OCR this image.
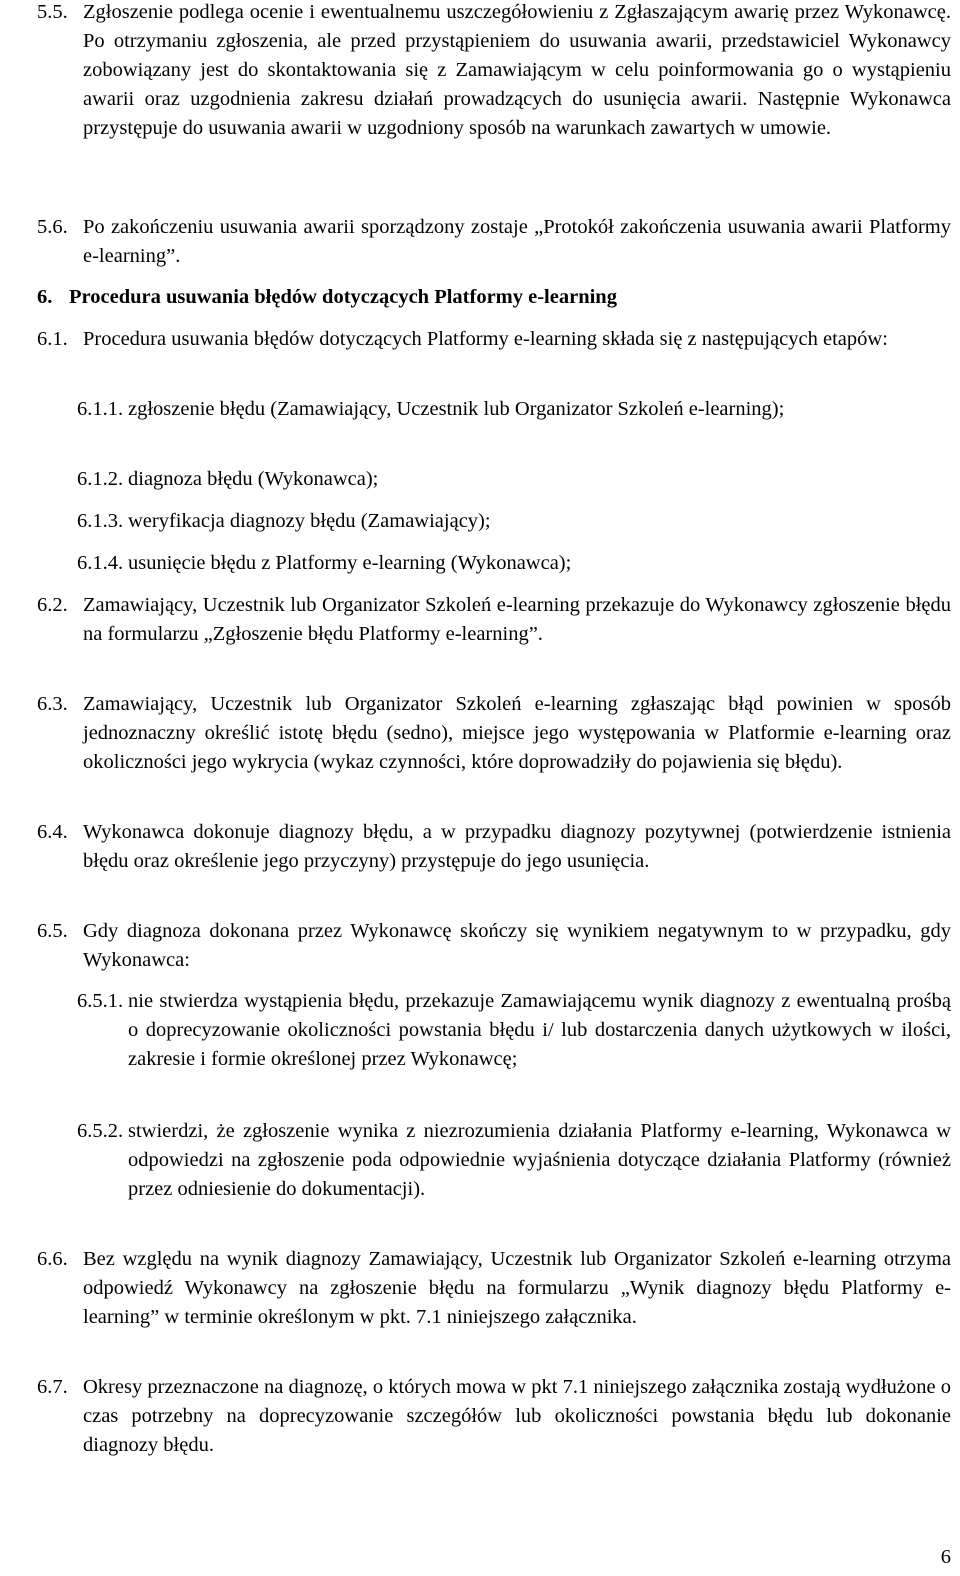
5.5. Zgłoszenie podlega ocenie i ewentualnemu uszczegółowieniu z Zgłaszającym awarię przez Wykonawcę. Po otrzymaniu zgłoszenia, ale przed przystąpieniem do usuwania awarii, przedstawiciel Wykonawcy zobowiązany jest do skontaktowania się z Zamawiającym w celu poinformowania go o wystąpieniu awarii oraz uzgodnienia zakresu działań prowadzących do usunięcia awarii. Następnie Wykonawca przystępuje do usuwania awarii w uzgodniony sposób na warunkach zawartych w umowie.
5.6. Po zakończeniu usuwania awarii sporządzony zostaje „Protokół zakończenia usuwania awarii Platformy e-learning”.
6. Procedura usuwania błędów dotyczących Platformy e-learning
6.1. Procedura usuwania błędów dotyczących Platformy e-learning składa się z następujących etapów:
6.1.1. zgłoszenie błędu (Zamawiający, Uczestnik lub Organizator Szkoleń e-learning);
6.1.2. diagnoza błędu (Wykonawca);
6.1.3. weryfikacja diagnozy błędu (Zamawiający);
6.1.4. usunięcie błędu z Platformy e-learning (Wykonawca);
6.2. Zamawiający, Uczestnik lub Organizator Szkoleń e-learning przekazuje do Wykonawcy zgłoszenie błędu na formularzu „Zgłoszenie błędu Platformy e-learning”.
6.3. Zamawiający, Uczestnik lub Organizator Szkoleń e-learning zgłaszając błąd powinien w sposób jednoznaczny określić istotę błędu (sedno), miejsce jego występowania w Platformie e-learning oraz okoliczności jego wykrycia (wykaz czynności, które doprowadziły do pojawienia się błędu).
6.4. Wykonawca dokonuje diagnozy błędu, a w przypadku diagnozy pozytywnej (potwierdzenie istnienia błędu oraz określenie jego przyczyny) przystępuje do jego usunięcia.
6.5. Gdy diagnoza dokonana przez Wykonawcę skończy się wynikiem negatywnym to w przypadku, gdy Wykonawca:
6.5.1. nie stwierdza wystąpienia błędu, przekazuje Zamawiającemu wynik diagnozy z ewentualną prośbą o doprecyzowanie okoliczności powstania błędu i/ lub dostarczenia danych użytkowych w ilości, zakresie i formie określonej przez Wykonawcę;
6.5.2. stwierdzi, że zgłoszenie wynika z niezrozumienia działania Platformy e-learning, Wykonawca w odpowiedzi na zgłoszenie poda odpowiednie wyjaśnienia dotyczące działania Platformy (również przez odniesienie do dokumentacji).
6.6. Bez względu na wynik diagnozy Zamawiający, Uczestnik lub Organizator Szkoleń e-learning otrzyma odpowiedź Wykonawcy na zgłoszenie błędu na formularzu „Wynik diagnozy błędu Platformy e-learning” w terminie określonym w pkt. 7.1 niniejszego załącznika.
6.7. Okresy przeznaczone na diagnozę, o których mowa w pkt 7.1 niniejszego załącznika zostają wydłużone o czas potrzebny na doprecyzowanie szczegółów lub okoliczności powstania błędu lub dokonanie diagnozy błędu.
6
